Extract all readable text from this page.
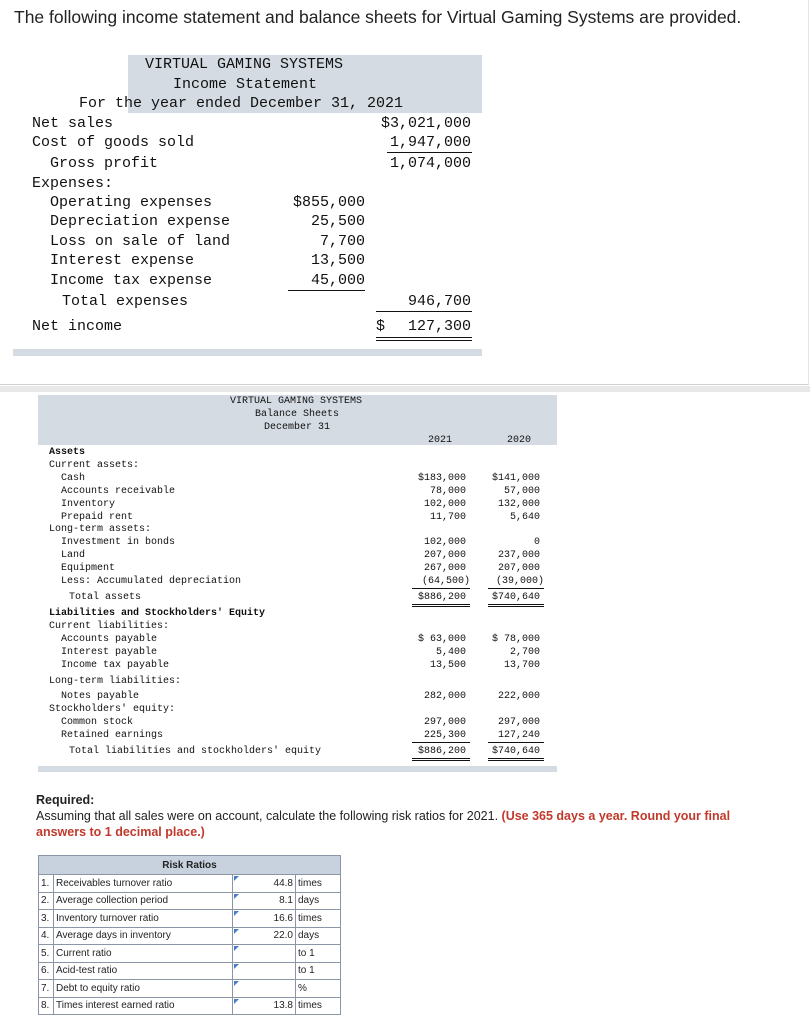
The following income statement and balance sheets for Virtual Gaming Systems are provided.
VIRTUAL GAMING SYSTEMS
Income Statement
For the year ended December 31, 2021
Net sales	$3,021,000
Cost of goods sold	1,947,000
Gross profit	1,074,000
Expenses:
Operating expenses	$855,000
Depreciation expense	25,500
Loss on sale of land	7,700
Interest expense	13,500
Income tax expense	45,000
Total expenses	946,700
Net income	$	127,300
VIRTUAL GAMING SYSTEMS
Balance Sheets
December 31
2021	2020
Assets
Current assets:
Cash	$183,000	$141,000
Accounts receivable	78,000	57,000
Inventory	102,000	132,000
Prepaid rent	11,700	5,640
Long-term assets:
Investment in bonds	102,000	0
Land	207,000	237,000
Equipment	267,000	207,000
Less: Accumulated depreciation	(64,500)	(39,000)
Total assets	$886,200	$740,640
Liabilities and Stockholders' Equity
Current liabilities:
Accounts payable	$ 63,000	$ 78,000
Interest payable	5,400	2,700
Income tax payable	13,500	13,700
Long-term liabilities:
Notes payable	282,000	222,000
Stockholders' equity:
Common stock	297,000	297,000
Retained earnings	225,300	127,240
Total liabilities and stockholders' equity	$886,200	$740,640
Required:
Assuming that all sales were on account, calculate the following risk ratios for 2021. (Use 365 days a year. Round your final answers to 1 decimal place.)
Risk Ratios			
1.	Receivables turnover ratio	44.8	times
2.	Average collection period	8.1	days
3.	Inventory turnover ratio	16.6	times
4.	Average days in inventory	22.0	days
5.	Current ratio		to 1
6.	Acid-test ratio		to 1
7.	Debt to equity ratio		%
8.	Times interest earned ratio	13.8	times
